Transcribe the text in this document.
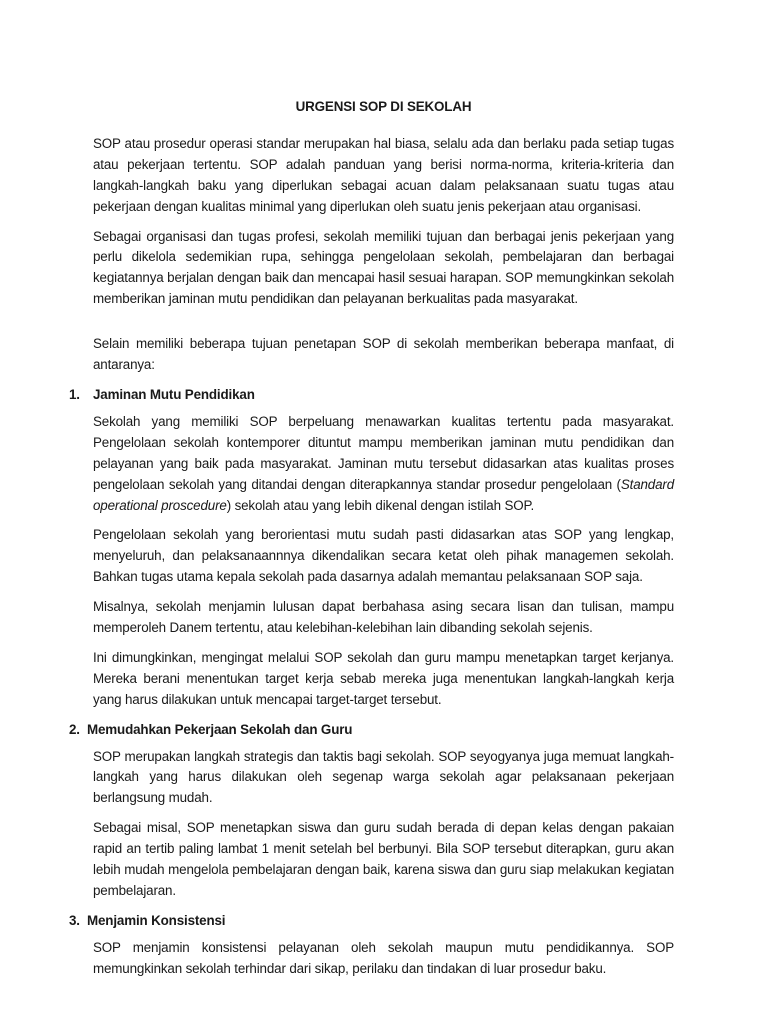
URGENSI SOP DI SEKOLAH

SOP atau prosedur operasi standar merupakan hal biasa, selalu ada dan berlaku pada setiap tugas atau pekerjaan tertentu. SOP adalah panduan yang berisi norma-norma, kriteria-kriteria dan langkah-langkah baku yang diperlukan sebagai acuan dalam pelaksanaan suatu tugas atau pekerjaan dengan kualitas minimal yang diperlukan oleh suatu jenis pekerjaan atau organisasi.

Sebagai organisasi dan tugas profesi, sekolah memiliki tujuan dan berbagai jenis pekerjaan yang perlu dikelola sedemikian rupa, sehingga pengelolaan sekolah, pembelajaran dan berbagai kegiatannya berjalan dengan baik dan mencapai hasil sesuai harapan. SOP memungkinkan sekolah memberikan jaminan mutu pendidikan dan pelayanan berkualitas pada masyarakat.

Selain memiliki beberapa tujuan penetapan SOP di sekolah memberikan beberapa manfaat, di antaranya:

1. Jaminan Mutu Pendidikan

Sekolah yang memiliki SOP berpeluang menawarkan kualitas tertentu pada masyarakat. Pengelolaan sekolah kontemporer dituntut mampu memberikan jaminan mutu pendidikan dan pelayanan yang baik pada masyarakat. Jaminan mutu tersebut didasarkan atas kualitas proses pengelolaan sekolah yang ditandai dengan diterapkannya standar prosedur pengelolaan (Standard operational proscedure) sekolah atau yang lebih dikenal dengan istilah SOP.

Pengelolaan sekolah yang berorientasi mutu sudah pasti didasarkan atas SOP yang lengkap, menyeluruh, dan pelaksanaannnya dikendalikan secara ketat oleh pihak managemen sekolah. Bahkan tugas utama kepala sekolah pada dasarnya adalah memantau pelaksanaan SOP saja.

Misalnya, sekolah menjamin lulusan dapat berbahasa asing secara lisan dan tulisan, mampu memperoleh Danem tertentu, atau kelebihan-kelebihan lain dibanding sekolah sejenis.

Ini dimungkinkan, mengingat melalui SOP sekolah dan guru mampu menetapkan target kerjanya. Mereka berani menentukan target kerja sebab mereka juga menentukan langkah-langkah kerja yang harus dilakukan untuk mencapai target-target tersebut.

2. Memudahkan Pekerjaan Sekolah dan Guru

SOP merupakan langkah strategis dan taktis bagi sekolah. SOP seyogyanya juga memuat langkah-langkah yang harus dilakukan oleh segenap warga sekolah agar pelaksanaan pekerjaan berlangsung mudah.

Sebagai misal, SOP menetapkan siswa dan guru sudah berada di depan kelas dengan pakaian rapid an tertib paling lambat 1 menit setelah bel berbunyi. Bila SOP tersebut diterapkan, guru akan lebih mudah mengelola pembelajaran dengan baik, karena siswa dan guru siap melakukan kegiatan pembelajaran.

3. Menjamin Konsistensi

SOP menjamin konsistensi pelayanan oleh sekolah maupun mutu pendidikannya. SOP memungkinkan sekolah terhindar dari sikap, perilaku dan tindakan di luar prosedur baku.
